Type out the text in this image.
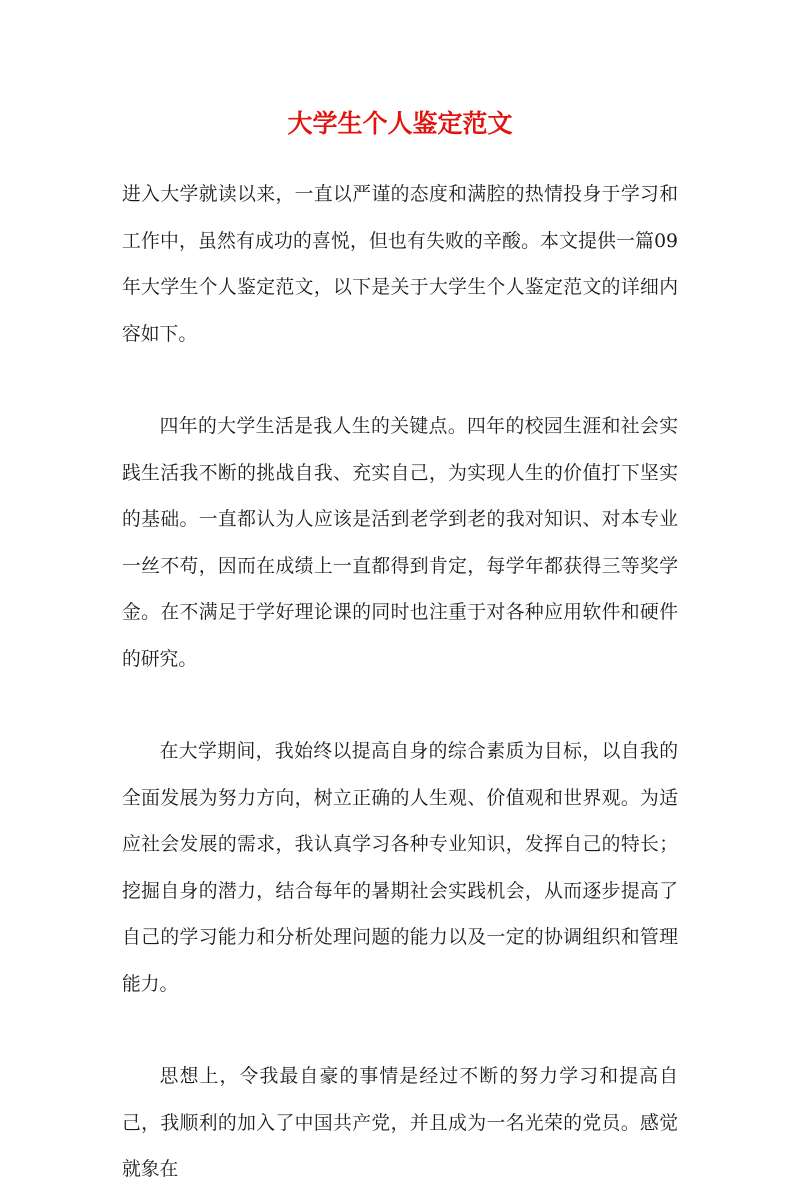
大学生个人鉴定范文

进入大学就读以来，一直以严谨的态度和满腔的热情投身于学习和工作中，虽然有成功的喜悦，但也有失败的辛酸。本文提供一篇09年大学生个人鉴定范文，以下是关于大学生个人鉴定范文的详细内容如下。

四年的大学生活是我人生的关键点。四年的校园生涯和社会实践生活我不断的挑战自我、充实自己，为实现人生的价值打下坚实的基础。一直都认为人应该是活到老学到老的我对知识、对本专业一丝不苟，因而在成绩上一直都得到肯定，每学年都获得三等奖学金。在不满足于学好理论课的同时也注重于对各种应用软件和硬件的研究。

在大学期间，我始终以提高自身的综合素质为目标，以自我的全面发展为努力方向，树立正确的人生观、价值观和世界观。为适应社会发展的需求，我认真学习各种专业知识，发挥自己的特长；挖掘自身的潜力，结合每年的暑期社会实践机会，从而逐步提高了自己的学习能力和分析处理问题的能力以及一定的协调组织和管理能力。

思想上，令我最自豪的事情是经过不断的努力学习和提高自己，我顺利的加入了中国共产党，并且成为一名光荣的党员。感觉就象在
